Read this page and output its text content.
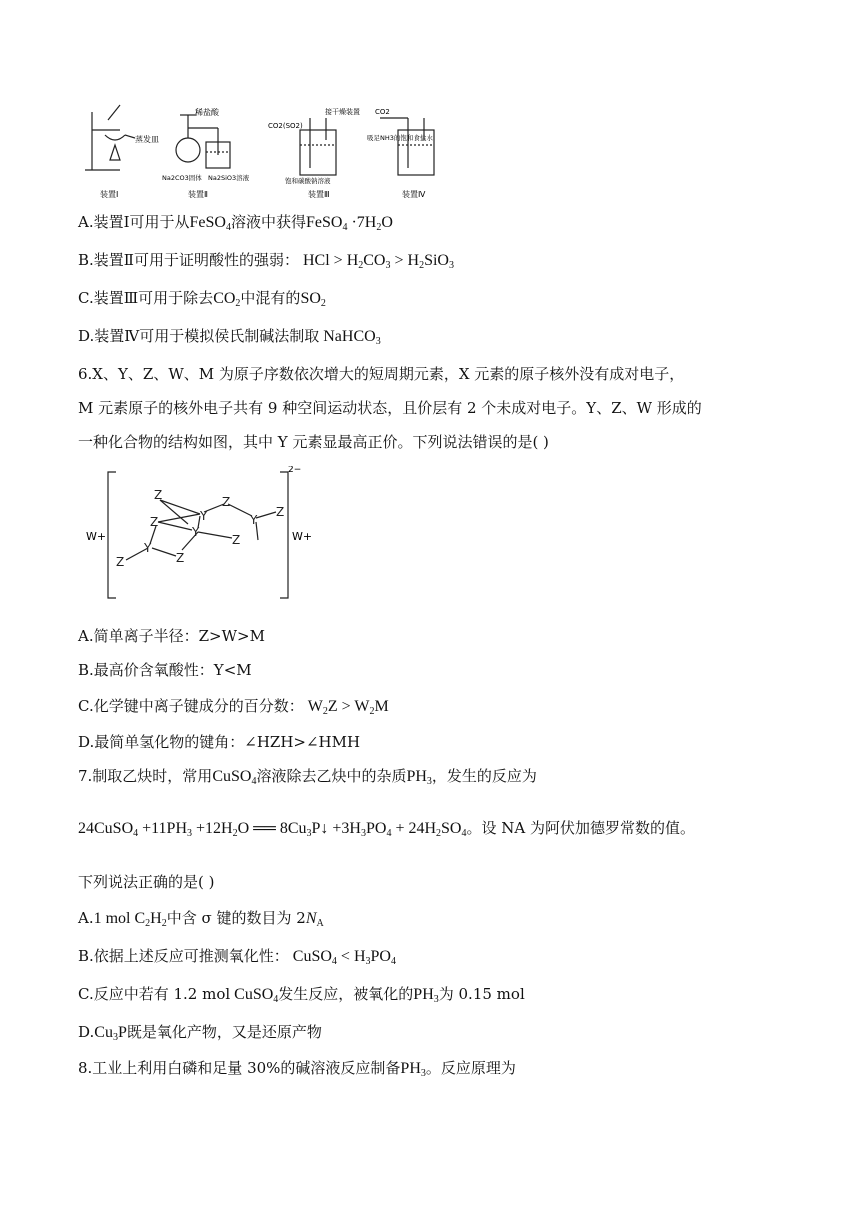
蒸发皿
稀盐酸
Na2CO3固体 Na2SiO3溶液
CO2(SO2)
接干燥装置
饱和碳酸钠溶液
CO2
吸足NH3的饱和食盐水
装置Ⅰ	装置Ⅱ	装置Ⅲ	装置Ⅳ
A.装置Ⅰ可用于从FeSO$_4$溶液中获得FeSO$_4$ $\cdot 7H_2O$
B.装置Ⅱ可用于证明酸性的强弱： HCl > $H_2CO_3 > H_2SiO_3$
C.装置Ⅲ可用于除去$CO_2$中混有的$SO_2$
D.装置Ⅳ可用于模拟侯氏制碱法制取 NaHCO$_3$
6.X、Y、Z、W、M 为原子序数依次增大的短周期元素，X 元素的原子核外没有成对电子，
M 元素原子的核外电子共有 9 种空间运动状态，且价层有 2 个未成对电子。Y、Z、W 形成的
一种化合物的结构如图，其中 Y 元素显最高正价。下列说法错误的是( )
Z
Z	Y
Z
Y
Z
Y
Z
Y
Z	Z
W+	W+
2−
A.简单离子半径：Z>W>M
B.最高价含氧酸性：Y<M
C.化学键中离子键成分的百分数： $W_2Z > W_2M$
D.最简单氢化物的键角：∠HZH>∠HMH
7.制取乙炔时，常用CuSO$_4$溶液除去乙炔中的杂质$PH_3$，发生的反应为
24CuSO$_4$ $+11PH_3 +12H_2O$ ══ $8Cu_3P↓ +3H_3PO_4 + 24H_2SO_4$。设 NA 为阿伏加德罗常数的值。
下列说法正确的是( )
A.1 mol $C_2H_2$中含 σ 键的数目为 $2N_A$
B.依据上述反应可推测氧化性： CuSO$_4$ < $H_3PO_4$
C.反应中若有 1.2 mol CuSO$_4$发生反应，被氧化的$PH_3$为 0.15 mol
$D.Cu_3P$既是氧化产物，又是还原产物
8.工业上利用白磷和足量 30%的碱溶液反应制备$PH_3$。反应原理为
